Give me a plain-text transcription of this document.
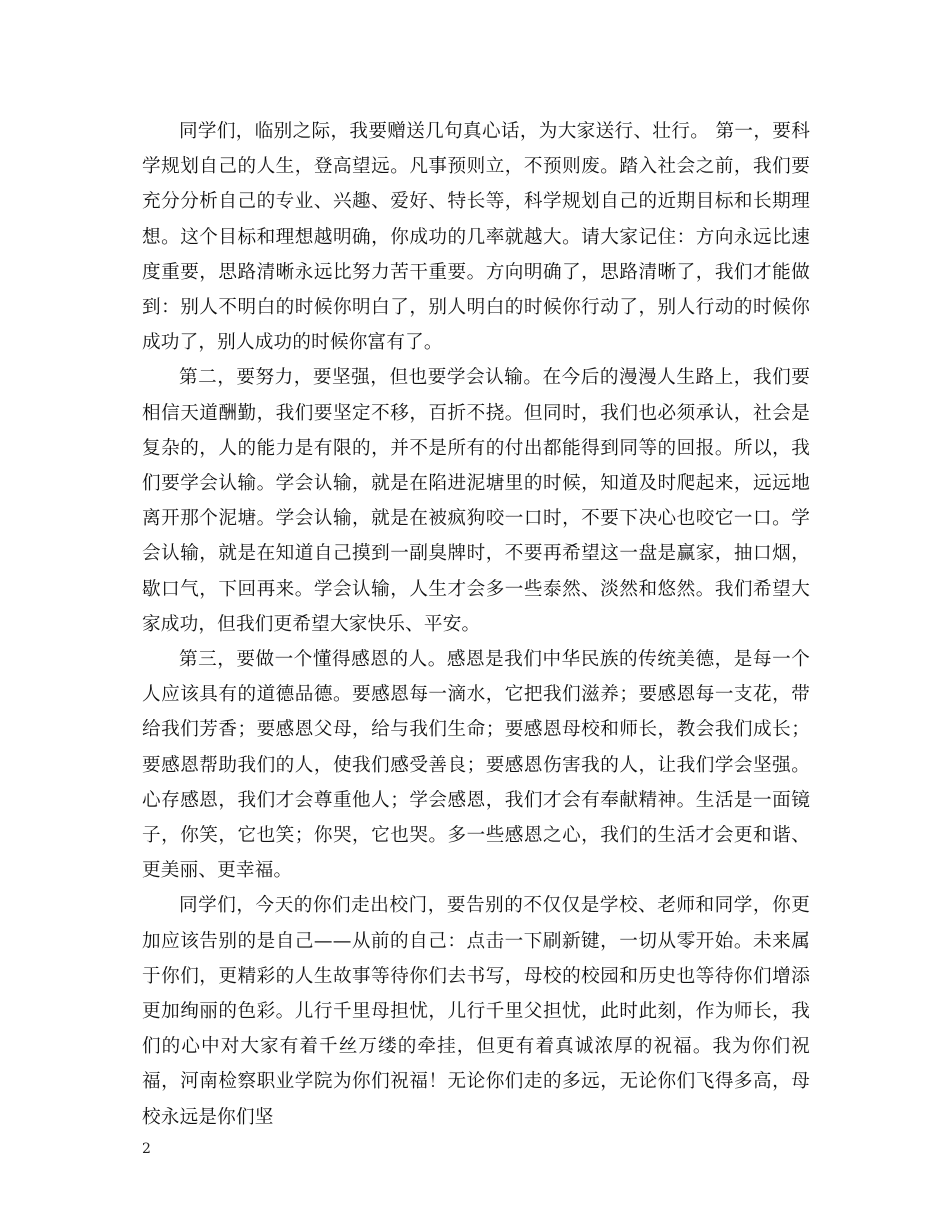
同学们，临别之际，我要赠送几句真心话，为大家送行、壮行。 第一，要科学规划自己的人生，登高望远。凡事预则立，不预则废。踏入社会之前，我们要充分分析自己的专业、兴趣、爱好、特长等，科学规划自己的近期目标和长期理想。这个目标和理想越明确，你成功的几率就越大。请大家记住：方向永远比速度重要，思路清晰永远比努力苦干重要。方向明确了，思路清晰了，我们才能做到：别人不明白的时候你明白了，别人明白的时候你行动了，别人行动的时候你成功了，别人成功的时候你富有了。

第二，要努力，要坚强，但也要学会认输。在今后的漫漫人生路上，我们要相信天道酬勤，我们要坚定不移，百折不挠。但同时，我们也必须承认，社会是复杂的，人的能力是有限的，并不是所有的付出都能得到同等的回报。所以，我们要学会认输。学会认输，就是在陷进泥塘里的时候，知道及时爬起来，远远地离开那个泥塘。学会认输，就是在被疯狗咬一口时，不要下决心也咬它一口。学会认输，就是在知道自己摸到一副臭牌时，不要再希望这一盘是赢家，抽口烟，歇口气，下回再来。学会认输，人生才会多一些泰然、淡然和悠然。我们希望大家成功，但我们更希望大家快乐、平安。

第三，要做一个懂得感恩的人。感恩是我们中华民族的传统美德，是每一个人应该具有的道德品德。要感恩每一滴水，它把我们滋养；要感恩每一支花，带给我们芳香；要感恩父母，给与我们生命；要感恩母校和师长，教会我们成长；要感恩帮助我们的人，使我们感受善良；要感恩伤害我的人，让我们学会坚强。心存感恩，我们才会尊重他人；学会感恩，我们才会有奉献精神。生活是一面镜子，你笑，它也笑；你哭，它也哭。多一些感恩之心，我们的生活才会更和谐、更美丽、更幸福。

同学们，今天的你们走出校门，要告别的不仅仅是学校、老师和同学，你更加应该告别的是自己——从前的自己：点击一下刷新键，一切从零开始。未来属于你们，更精彩的人生故事等待你们去书写，母校的校园和历史也等待你们增添更加绚丽的色彩。儿行千里母担忧，儿行千里父担忧，此时此刻，作为师长，我们的心中对大家有着千丝万缕的牵挂，但更有着真诚浓厚的祝福。我为你们祝福，河南检察职业学院为你们祝福！无论你们走的多远，无论你们飞得多高，母校永远是你们坚

2
